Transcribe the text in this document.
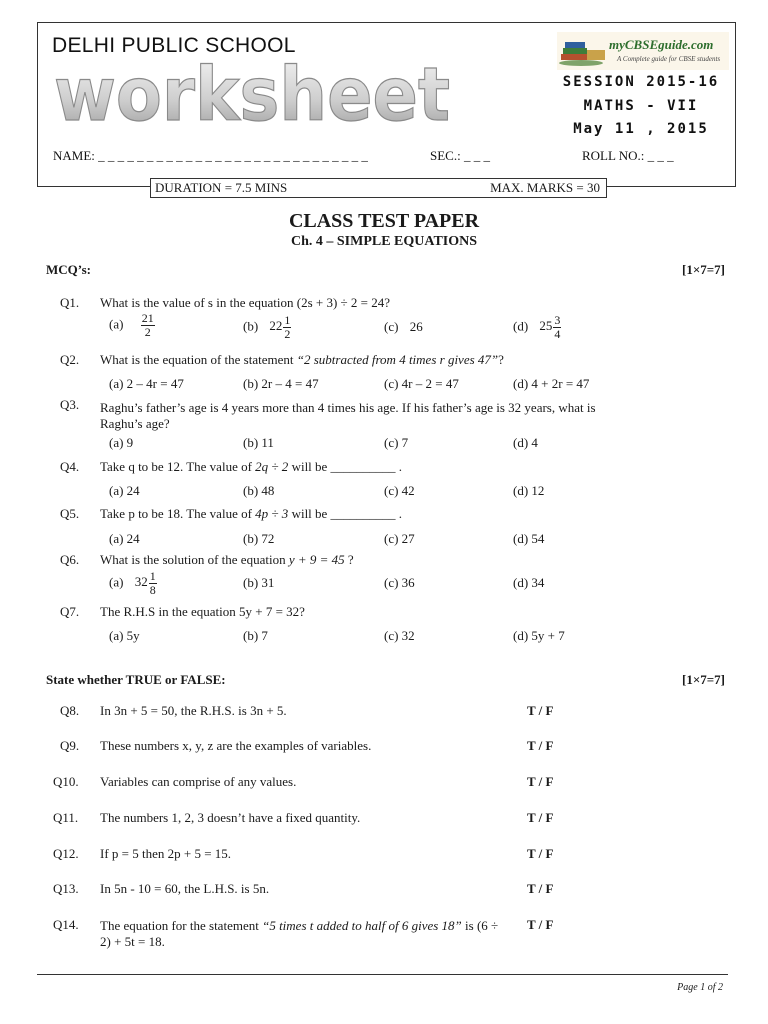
DELHI PUBLIC SCHOOL
worksheet
myCBSEguide.com
A Complete guide for CBSE students
SESSION 2015-16
MATHS - VII
May 11 , 2015
NAME: _ _ _ _ _ _ _ _ _ _ _ _ _ _ _ _ _ _ _ _ _ _ _ _ _ _ _ _	SEC.: _ _ _	ROLL NO.: _ _ _
DURATION = 7.5 MINS	MAX. MARKS = 30
CLASS TEST PAPER
Ch. 4 – SIMPLE EQUATIONS
MCQ’s:	[1×7=7]
Q1. What is the value of s in the equation (2s + 3) ÷ 2 = 24?
$(a) \frac{21}{2}$	(b) $22 \frac{1}{2}$	(c) 26	(d) $25 \frac{3}{4}$
Q2. What is the equation of the statement “2 subtracted from 4 times r gives 47”?
(a) 2 – 4r = 47	(b) 2r – 4 = 47	(c) 4r – 2 = 47	(d) 4 + 2r = 47
Q3. Raghu’s father’s age is 4 years more than 4 times his age. If his father’s age is 32 years, what is Raghu’s age?
(a) 9	(b) 11	(c) 7	(d) 4
Q4. Take q to be 12. The value of 2q ÷ 2 will be __________ .
(a) 24	(b) 48	(c) 42	(d) 12
Q5. Take p to be 18. The value of 4p ÷ 3 will be __________ .
(a) 24	(b) 72	(c) 27	(d) 54
Q6. What is the solution of the equation y + 9 = 45 ?
(a) $32 \frac{1}{8}$	(b) 31	(c) 36	(d) 34
Q7. The R.H.S in the equation 5y + 7 = 32?
(a) 5y	(b) 7	(c) 32	(d) 5y + 7
State whether TRUE or FALSE:	[1×7=7]
Q8. In 3n + 5 = 50, the R.H.S. is 3n + 5.	T / F
Q9. These numbers x, y, z are the examples of variables.	T / F
Q10. Variables can comprise of any values.	T / F
Q11. The numbers 1, 2, 3 doesn’t have a fixed quantity.	T / F
Q12. If p = 5 then 2p + 5 = 15.	T / F
Q13. In 5n - 10 = 60, the L.H.S. is 5n.	T / F
Q14. The equation for the statement “5 times t added to half of 6 gives 18” is (6 ÷ 2) + 5t = 18.
T / F
Page 1 of 2
